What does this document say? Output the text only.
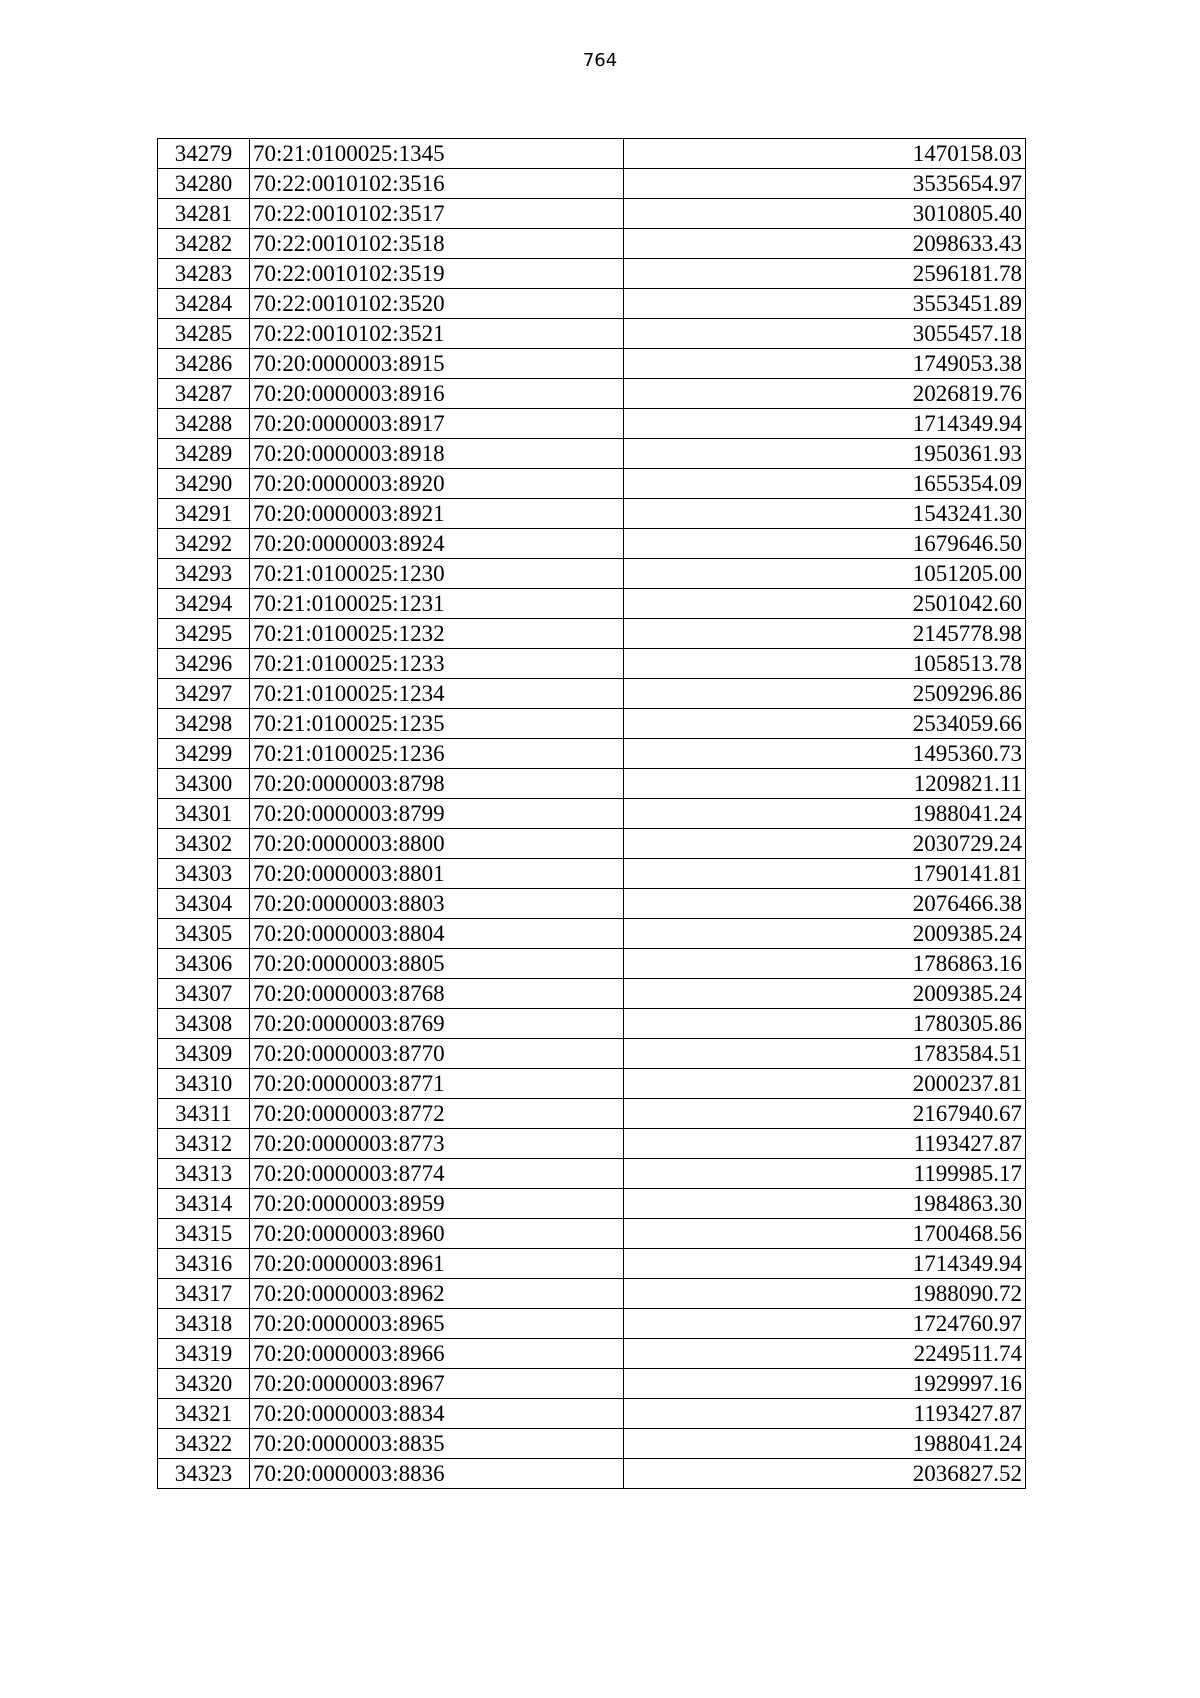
764
34279	70:21:0100025:1345	1470158.03
34280	70:22:0010102:3516	3535654.97
34281	70:22:0010102:3517	3010805.40
34282	70:22:0010102:3518	2098633.43
34283	70:22:0010102:3519	2596181.78
34284	70:22:0010102:3520	3553451.89
34285	70:22:0010102:3521	3055457.18
34286	70:20:0000003:8915	1749053.38
34287	70:20:0000003:8916	2026819.76
34288	70:20:0000003:8917	1714349.94
34289	70:20:0000003:8918	1950361.93
34290	70:20:0000003:8920	1655354.09
34291	70:20:0000003:8921	1543241.30
34292	70:20:0000003:8924	1679646.50
34293	70:21:0100025:1230	1051205.00
34294	70:21:0100025:1231	2501042.60
34295	70:21:0100025:1232	2145778.98
34296	70:21:0100025:1233	1058513.78
34297	70:21:0100025:1234	2509296.86
34298	70:21:0100025:1235	2534059.66
34299	70:21:0100025:1236	1495360.73
34300	70:20:0000003:8798	1209821.11
34301	70:20:0000003:8799	1988041.24
34302	70:20:0000003:8800	2030729.24
34303	70:20:0000003:8801	1790141.81
34304	70:20:0000003:8803	2076466.38
34305	70:20:0000003:8804	2009385.24
34306	70:20:0000003:8805	1786863.16
34307	70:20:0000003:8768	2009385.24
34308	70:20:0000003:8769	1780305.86
34309	70:20:0000003:8770	1783584.51
34310	70:20:0000003:8771	2000237.81
34311	70:20:0000003:8772	2167940.67
34312	70:20:0000003:8773	1193427.87
34313	70:20:0000003:8774	1199985.17
34314	70:20:0000003:8959	1984863.30
34315	70:20:0000003:8960	1700468.56
34316	70:20:0000003:8961	1714349.94
34317	70:20:0000003:8962	1988090.72
34318	70:20:0000003:8965	1724760.97
34319	70:20:0000003:8966	2249511.74
34320	70:20:0000003:8967	1929997.16
34321	70:20:0000003:8834	1193427.87
34322	70:20:0000003:8835	1988041.24
34323	70:20:0000003:8836	2036827.52
